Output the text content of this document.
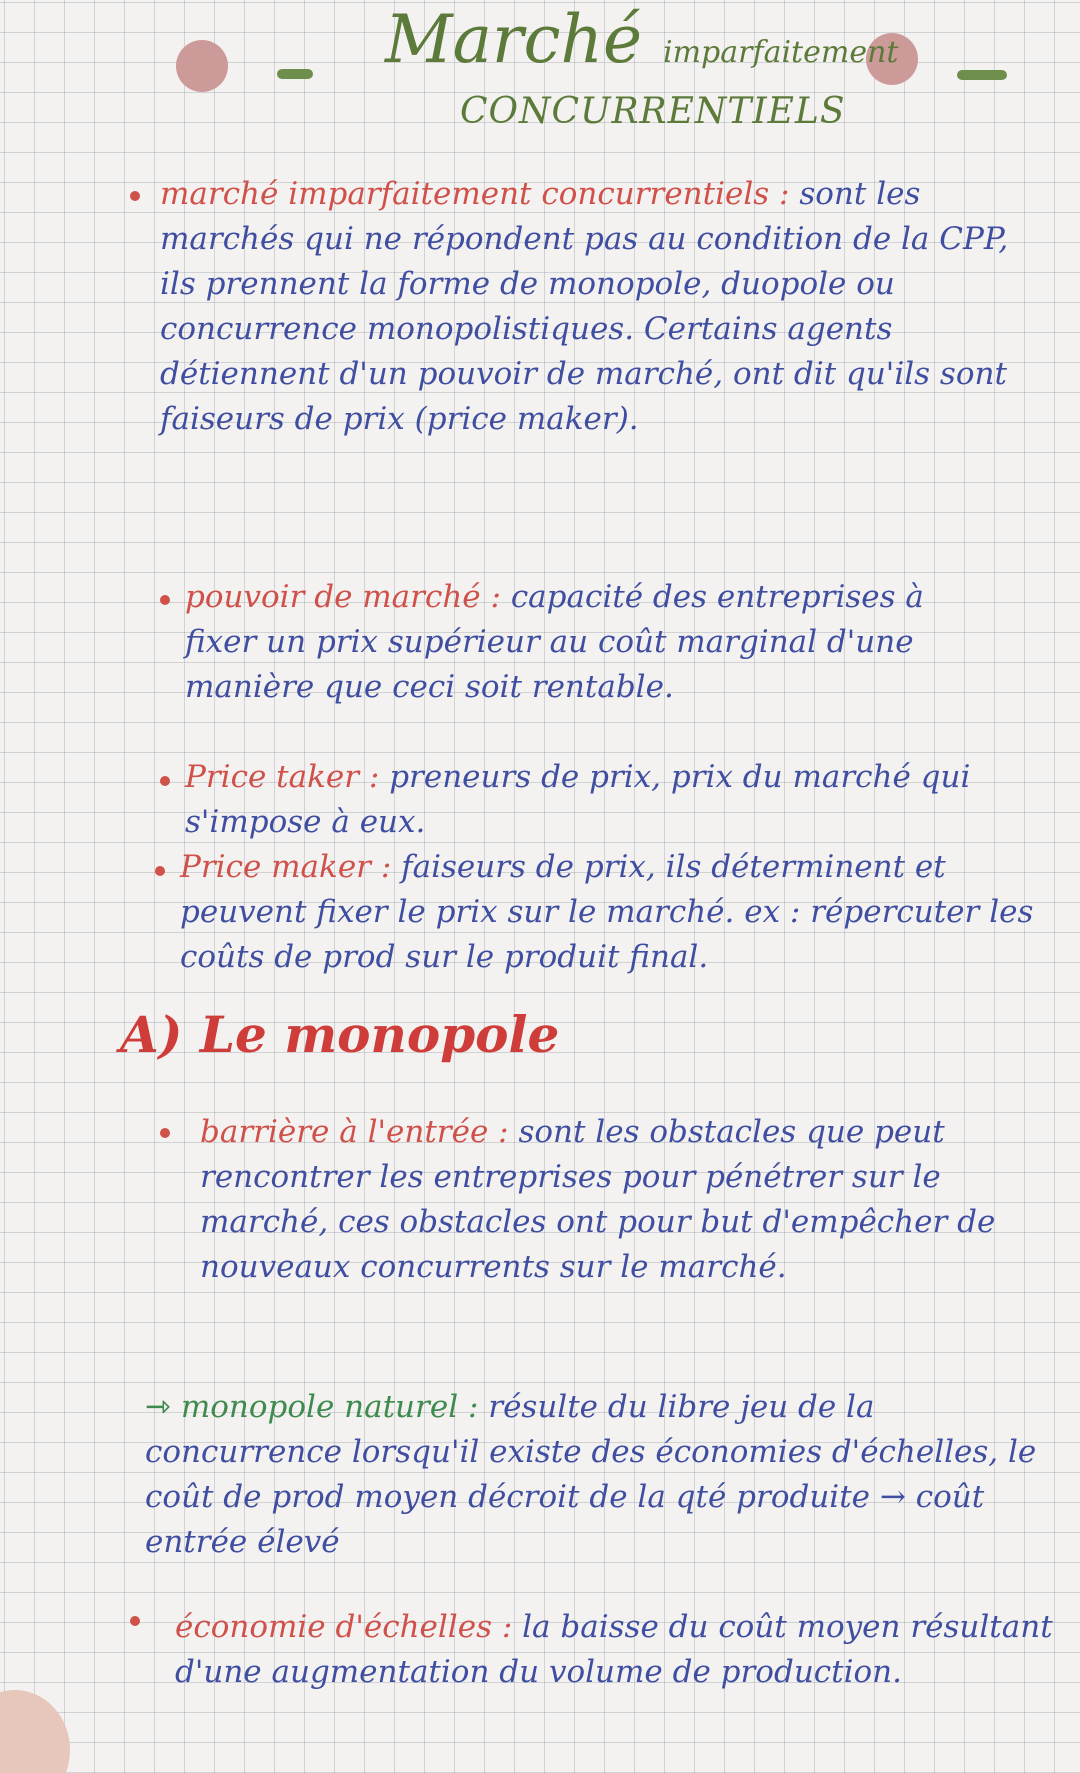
Marché imparfaitement
CONCURRENTIELS
marché imparfaitement concurrentiels : sont les marchés qui ne répondent pas au condition de la CPP, ils prennent la forme de monopole, duopole ou concurrence monopolistiques. Certains agents détiennent d'un pouvoir de marché, ont dit qu'ils sont faiseurs de prix (price maker).
pouvoir de marché : capacité des entreprises à fixer un prix supérieur au coût marginal d'une manière que ceci soit rentable.
Price taker : preneurs de prix, prix du marché qui s'impose à eux.
Price maker : faiseurs de prix, ils déterminent et peuvent fixer le prix sur le marché. ex : répercuter les coûts de prod sur le produit final.
A) Le monopole
barrière à l'entrée : sont les obstacles que peut rencontrer les entreprises pour pénétrer sur le marché, ces obstacles ont pour but d'empêcher de nouveaux concurrents sur le marché.
⇾ monopole naturel : résulte du libre jeu de la concurrence lorsqu'il existe des économies d'échelles, le coût de prod moyen décroit de la qté produite → coût entrée élevé
économie d'échelles : la baisse du coût moyen résultant d'une augmentation du volume de production.
